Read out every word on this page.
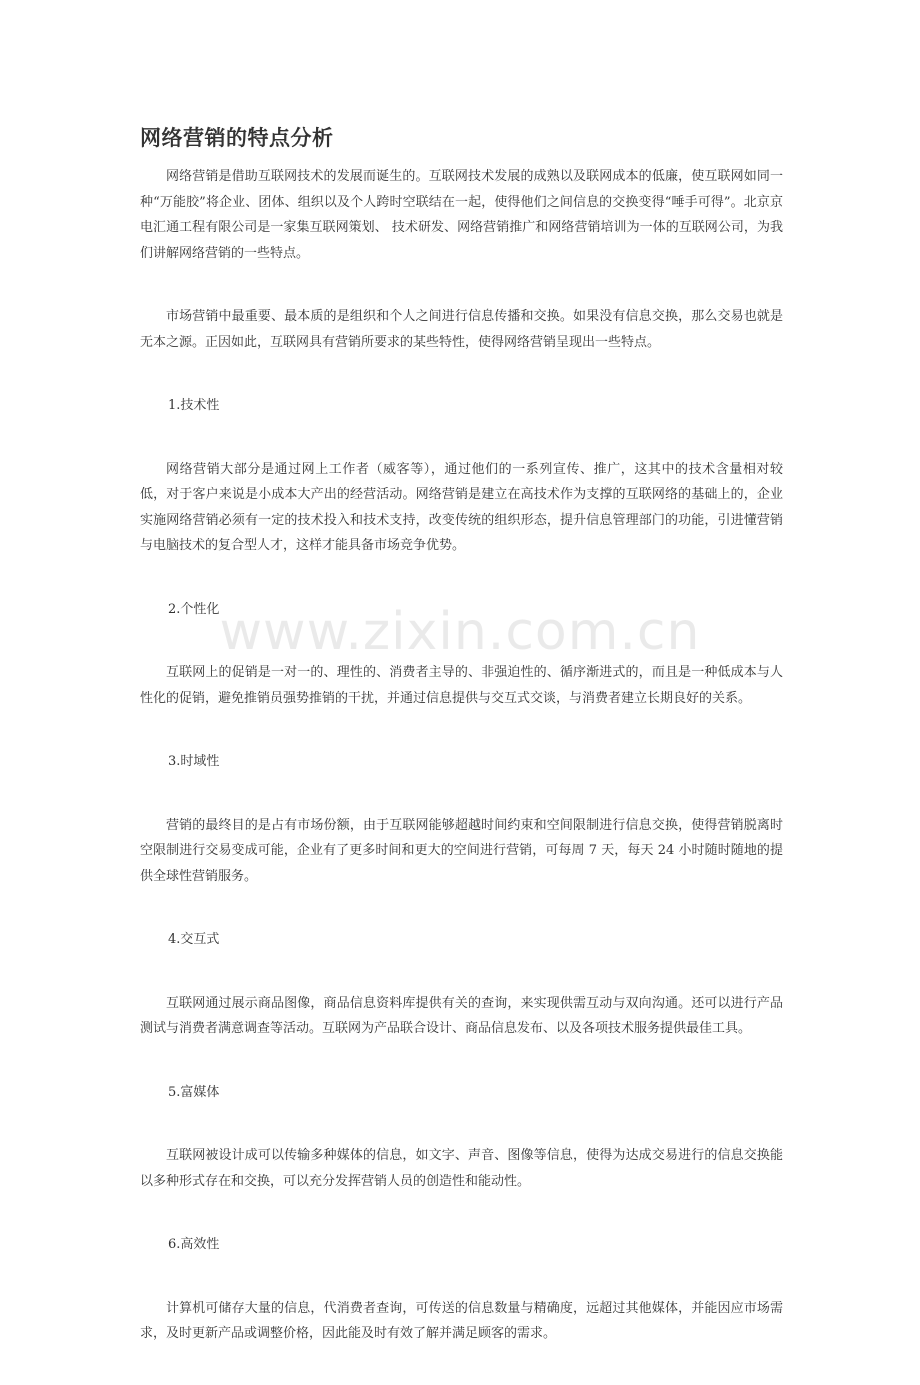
网络营销的特点分析

网络营销是借助互联网技术的发展而诞生的。互联网技术发展的成熟以及联网成本的低廉，使互联网如同一种“万能胶”将企业、团体、组织以及个人跨时空联结在一起，使得他们之间信息的交换变得“唾手可得”。北京京电汇通工程有限公司是一家集互联网策划、 技术研发、网络营销推广和网络营销培训为一体的互联网公司，为我们讲解网络营销的一些特点。

市场营销中最重要、最本质的是组织和个人之间进行信息传播和交换。如果没有信息交换，那么交易也就是无本之源。正因如此，互联网具有营销所要求的某些特性，使得网络营销呈现出一些特点。

1.技术性

网络营销大部分是通过网上工作者（威客等），通过他们的一系列宣传、推广，这其中的技术含量相对较低，对于客户来说是小成本大产出的经营活动。网络营销是建立在高技术作为支撑的互联网络的基础上的，企业实施网络营销必须有一定的技术投入和技术支持，改变传统的组织形态，提升信息管理部门的功能，引进懂营销与电脑技术的复合型人才，这样才能具备市场竞争优势。

2.个性化

互联网上的促销是一对一的、理性的、消费者主导的、非强迫性的、循序渐进式的，而且是一种低成本与人性化的促销，避免推销员强势推销的干扰，并通过信息提供与交互式交谈，与消费者建立长期良好的关系。

3.时域性

营销的最终目的是占有市场份额，由于互联网能够超越时间约束和空间限制进行信息交换，使得营销脱离时空限制进行交易变成可能，企业有了更多时间和更大的空间进行营销，可每周 7 天，每天 24 小时随时随地的提供全球性营销服务。

4.交互式

互联网通过展示商品图像，商品信息资料库提供有关的查询，来实现供需互动与双向沟通。还可以进行产品测试与消费者满意调查等活动。互联网为产品联合设计、商品信息发布、以及各项技术服务提供最佳工具。

5.富媒体

互联网被设计成可以传输多种媒体的信息，如文字、声音、图像等信息，使得为达成交易进行的信息交换能以多种形式存在和交换，可以充分发挥营销人员的创造性和能动性。

6.高效性

计算机可储存大量的信息，代消费者查询，可传送的信息数量与精确度，远超过其他媒体，并能因应市场需求，及时更新产品或调整价格，因此能及时有效了解并满足顾客的需求。

www.zixin.com.cn
